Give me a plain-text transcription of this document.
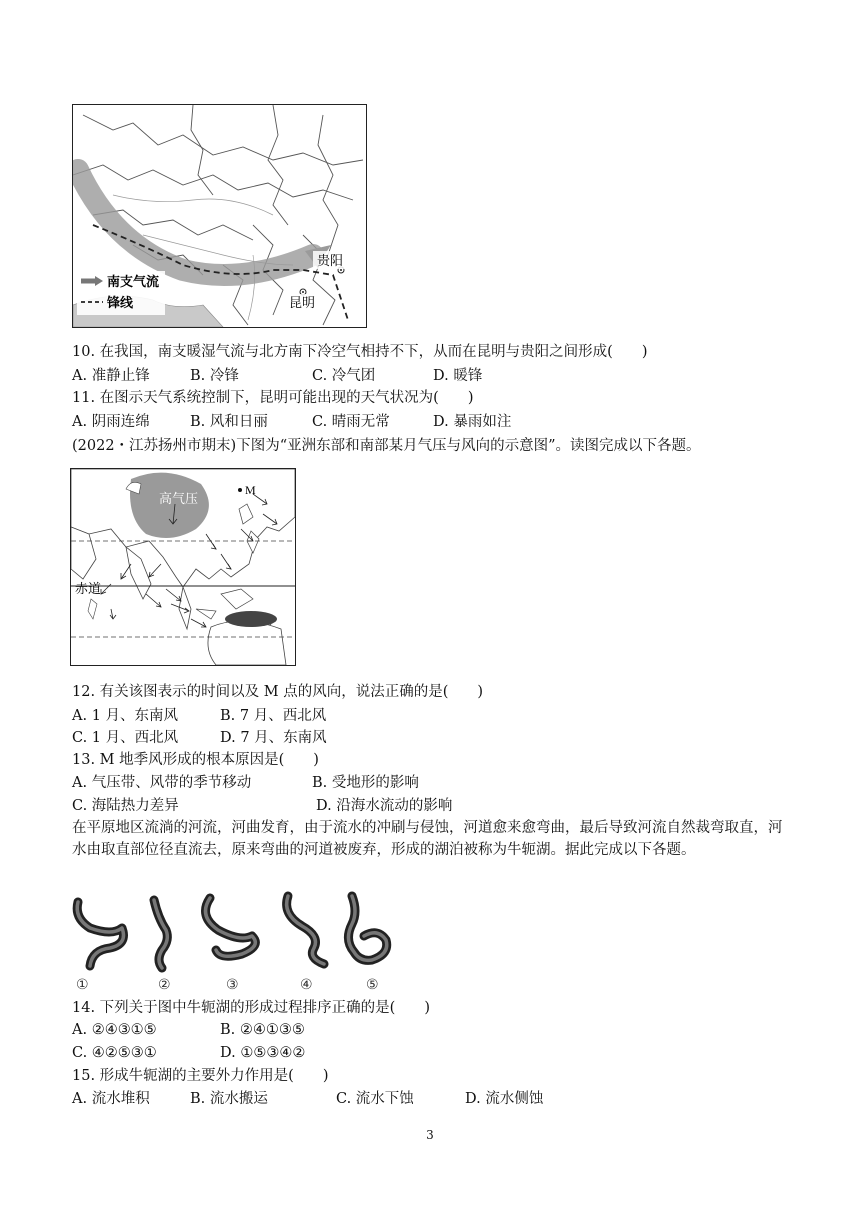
贵阳
昆明
南支气流
锋线
10. 在我国，南支暖湿气流与北方南下冷空气相持不下，从而在昆明与贵阳之间形成(　　)
A. 准静止锋	B. 冷锋	C. 冷气团	D. 暖锋
11. 在图示天气系统控制下，昆明可能出现的天气状况为(　　)
A. 阴雨连绵	B. 风和日丽	C. 晴雨无常	D. 暴雨如注
(2022・江苏扬州市期末)下图为“亚洲东部和南部某月气压与风向的示意图”。读图完成以下各题。
M
高气压
赤道
12. 有关该图表示的时间以及 M 点的风向，说法正确的是(　　)
A. 1 月、东南风	B. 7 月、西北风
C. 1 月、西北风	D. 7 月、东南风
13. M 地季风形成的根本原因是(　　)
A. 气压带、风带的季节移动	B. 受地形的影响
C. 海陆热力差异	D. 沿海水流动的影响
在平原地区流淌的河流，河曲发育，由于流水的冲刷与侵蚀，河道愈来愈弯曲，最后导致河流自然裁弯取直，河水由取直部位径直流去，原来弯曲的河道被废弃，形成的湖泊被称为牛轭湖。据此完成以下各题。
①	②	③	④	⑤
14. 下列关于图中牛轭湖的形成过程排序正确的是(　　)
A. ②④③①⑤	B. ②④①③⑤
C. ④②⑤③①	D. ①⑤③④②
15. 形成牛轭湖的主要外力作用是(　　)
A. 流水堆积	B. 流水搬运	C. 流水下蚀	D. 流水侧蚀
3
